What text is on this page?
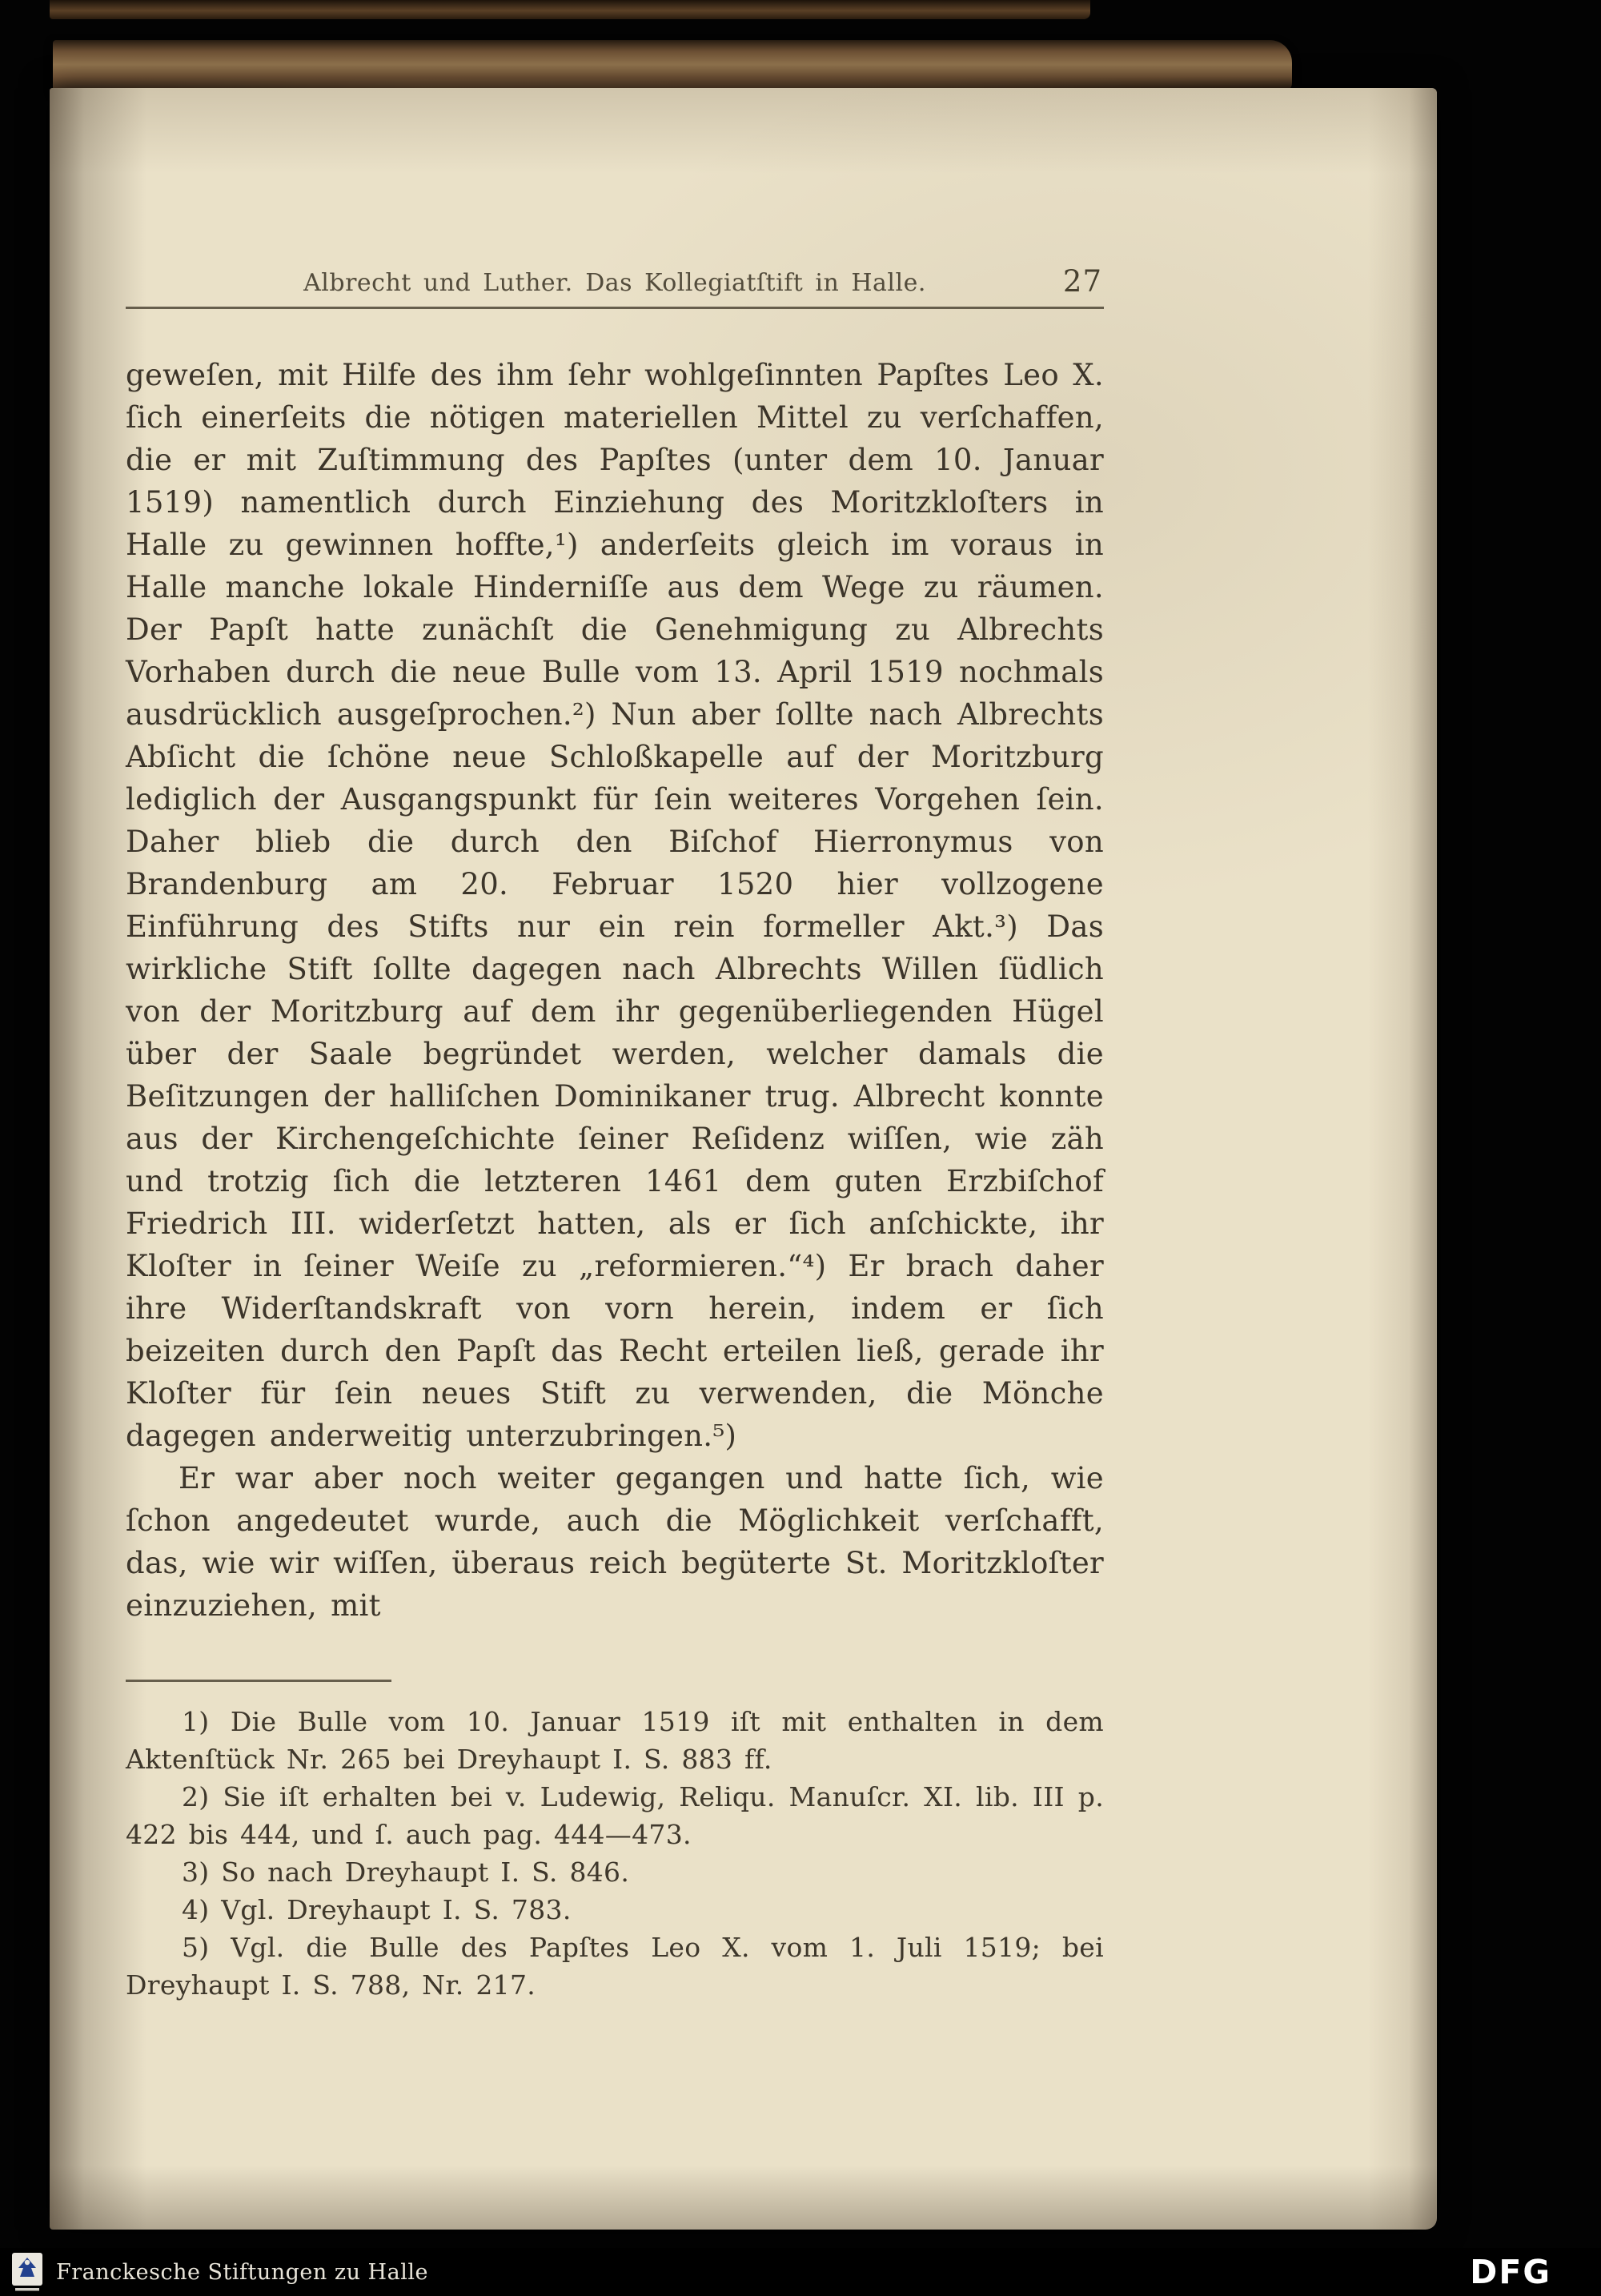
Albrecht und Luther. Das Kollegiatſtift in Halle.	27

geweſen, mit Hilfe des ihm ſehr wohlgeſinnten Papſtes Leo X. ſich einerſeits die nötigen materiellen Mittel zu verſchaffen, die er mit Zuſtimmung des Papſtes (unter dem 10. Januar 1519) namentlich durch Einziehung des Moritzkloſters in Halle zu gewinnen hoffte,¹) anderſeits gleich im voraus in Halle manche lokale Hinderniſſe aus dem Wege zu räumen. Der Papſt hatte zunächſt die Genehmigung zu Albrechts Vorhaben durch die neue Bulle vom 13. April 1519 nochmals ausdrücklich ausgeſprochen.²) Nun aber ſollte nach Albrechts Abſicht die ſchöne neue Schloßkapelle auf der Moritzburg lediglich der Ausgangspunkt für ſein weiteres Vorgehen ſein. Daher blieb die durch den Biſchof Hierronymus von Brandenburg am 20. Februar 1520 hier vollzogene Einführung des Stifts nur ein rein formeller Akt.³) Das wirkliche Stift ſollte dagegen nach Albrechts Willen ſüdlich von der Moritzburg auf dem ihr gegenüberliegenden Hügel über der Saale begründet werden, welcher damals die Beſitzungen der halliſchen Dominikaner trug. Albrecht konnte aus der Kirchengeſchichte ſeiner Reſidenz wiſſen, wie zäh und trotzig ſich die letzteren 1461 dem guten Erzbiſchof Friedrich III. widerſetzt hatten, als er ſich anſchickte, ihr Kloſter in ſeiner Weiſe zu „reformieren.“⁴) Er brach daher ihre Widerſtandskraft von vorn herein, indem er ſich beizeiten durch den Papſt das Recht erteilen ließ, gerade ihr Kloſter für ſein neues Stift zu verwenden, die Mönche dagegen anderweitig unterzubringen.⁵)

Er war aber noch weiter gegangen und hatte ſich, wie ſchon angedeutet wurde, auch die Möglichkeit verſchafft, das, wie wir wiſſen, überaus reich begüterte St. Moritzkloſter einzuziehen, mit

1) Die Bulle vom 10. Januar 1519 iſt mit enthalten in dem Aktenſtück Nr. 265 bei Dreyhaupt I. S. 883 ff.

2) Sie iſt erhalten bei v. Ludewig, Reliqu. Manuſcr. XI. lib. III p. 422 bis 444, und ſ. auch pag. 444—473.

3) So nach Dreyhaupt I. S. 846.

4) Vgl. Dreyhaupt I. S. 783.

5) Vgl. die Bulle des Papſtes Leo X. vom 1. Juli 1519; bei Dreyhaupt I. S. 788, Nr. 217.

Franckesche Stiftungen zu Halle	DFG
